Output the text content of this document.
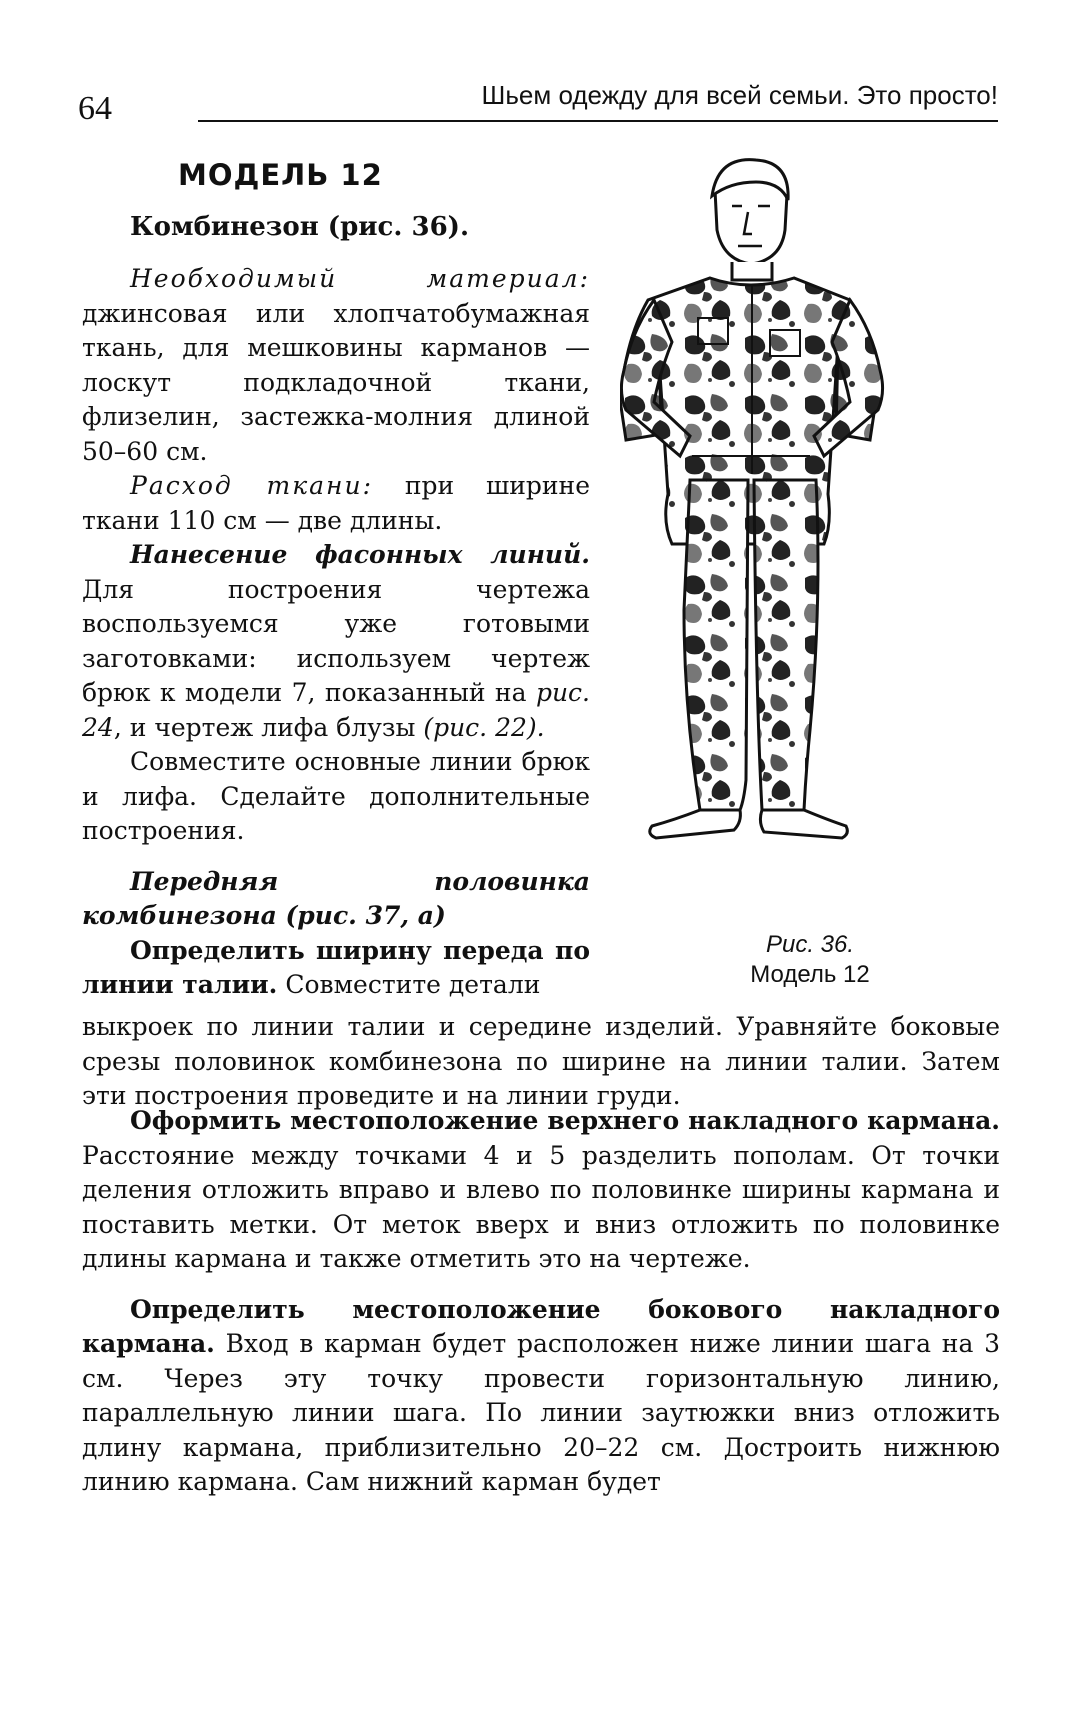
64	Шьем одежду для всей семьи. Это просто!
МОДЕЛЬ 12
Комбинезон (рис. 36).

Необходимый материал: джинсовая или хлопчатобумажная ткань, для мешковины карманов — лоскут подкладочной ткани, флизелин, застежка-молния длиной 50–60 см.

Расход ткани: при ширине ткани 110 см — две длины.

Нанесение фасонных линий. Для построения чертежа воспользуемся уже готовыми заготовками: используем чертеж брюк к модели 7, показанный на рис. 24, и чертеж лифа блузы (рис. 22).

Совместите основные линии брюк и лифа. Сделайте дополнительные построения.

Передняя половинка комбинезона (рис. 37, а)

Определить ширину переда по линии талии. Совместите детали

выкроек по линии талии и середине изделий. Уравняйте боковые срезы половинок комбинезона по ширине на линии талии. Затем эти построения проведите и на линии груди.

Оформить местоположение верхнего накладного кармана. Расстояние между точками 4 и 5 разделить пополам. От точки деления отложить вправо и влево по половинке ширины кармана и поставить метки. От меток вверх и вниз отложить по половинке длины кармана и также отметить это на чертеже.

Определить местоположение бокового накладного кармана. Вход в карман будет расположен ниже линии шага на 3 см. Через эту точку провести горизонтальную линию, параллельную линии шага. По линии заутюжки вниз отложить длину кармана, приблизительно 20–22 см. Достроить нижнюю линию кармана. Сам нижний карман будет

Рис. 36.
Модель 12
